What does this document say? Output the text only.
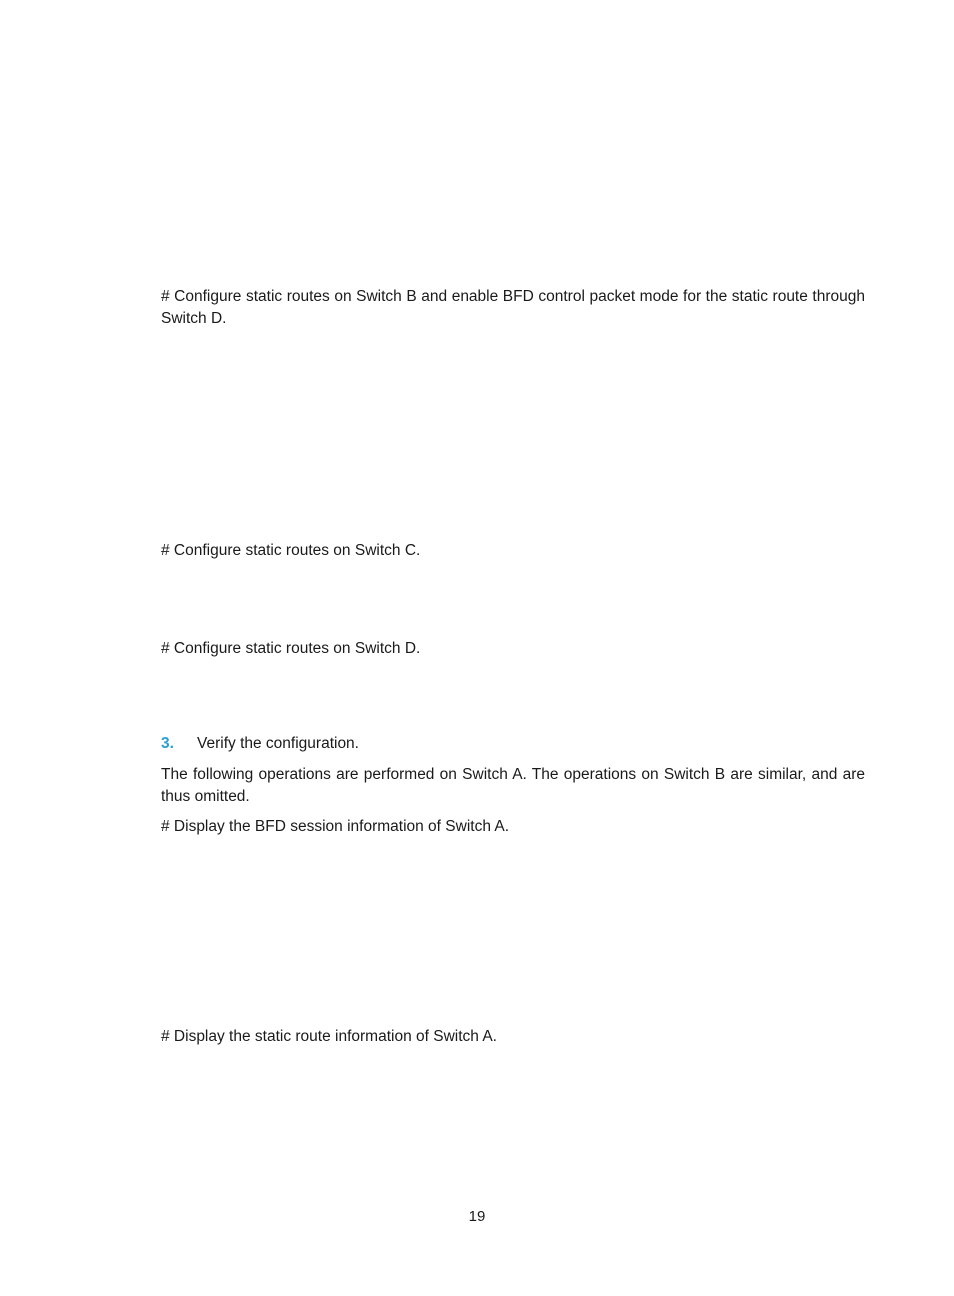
# Configure static routes on Switch B and enable BFD control packet mode for the static route through Switch D.

# Configure static routes on Switch C.

# Configure static routes on Switch D.

3.	Verify the configuration.

The following operations are performed on Switch A. The operations on Switch B are similar, and are thus omitted.

# Display the BFD session information of Switch A.

# Display the static route information of Switch A.

19
